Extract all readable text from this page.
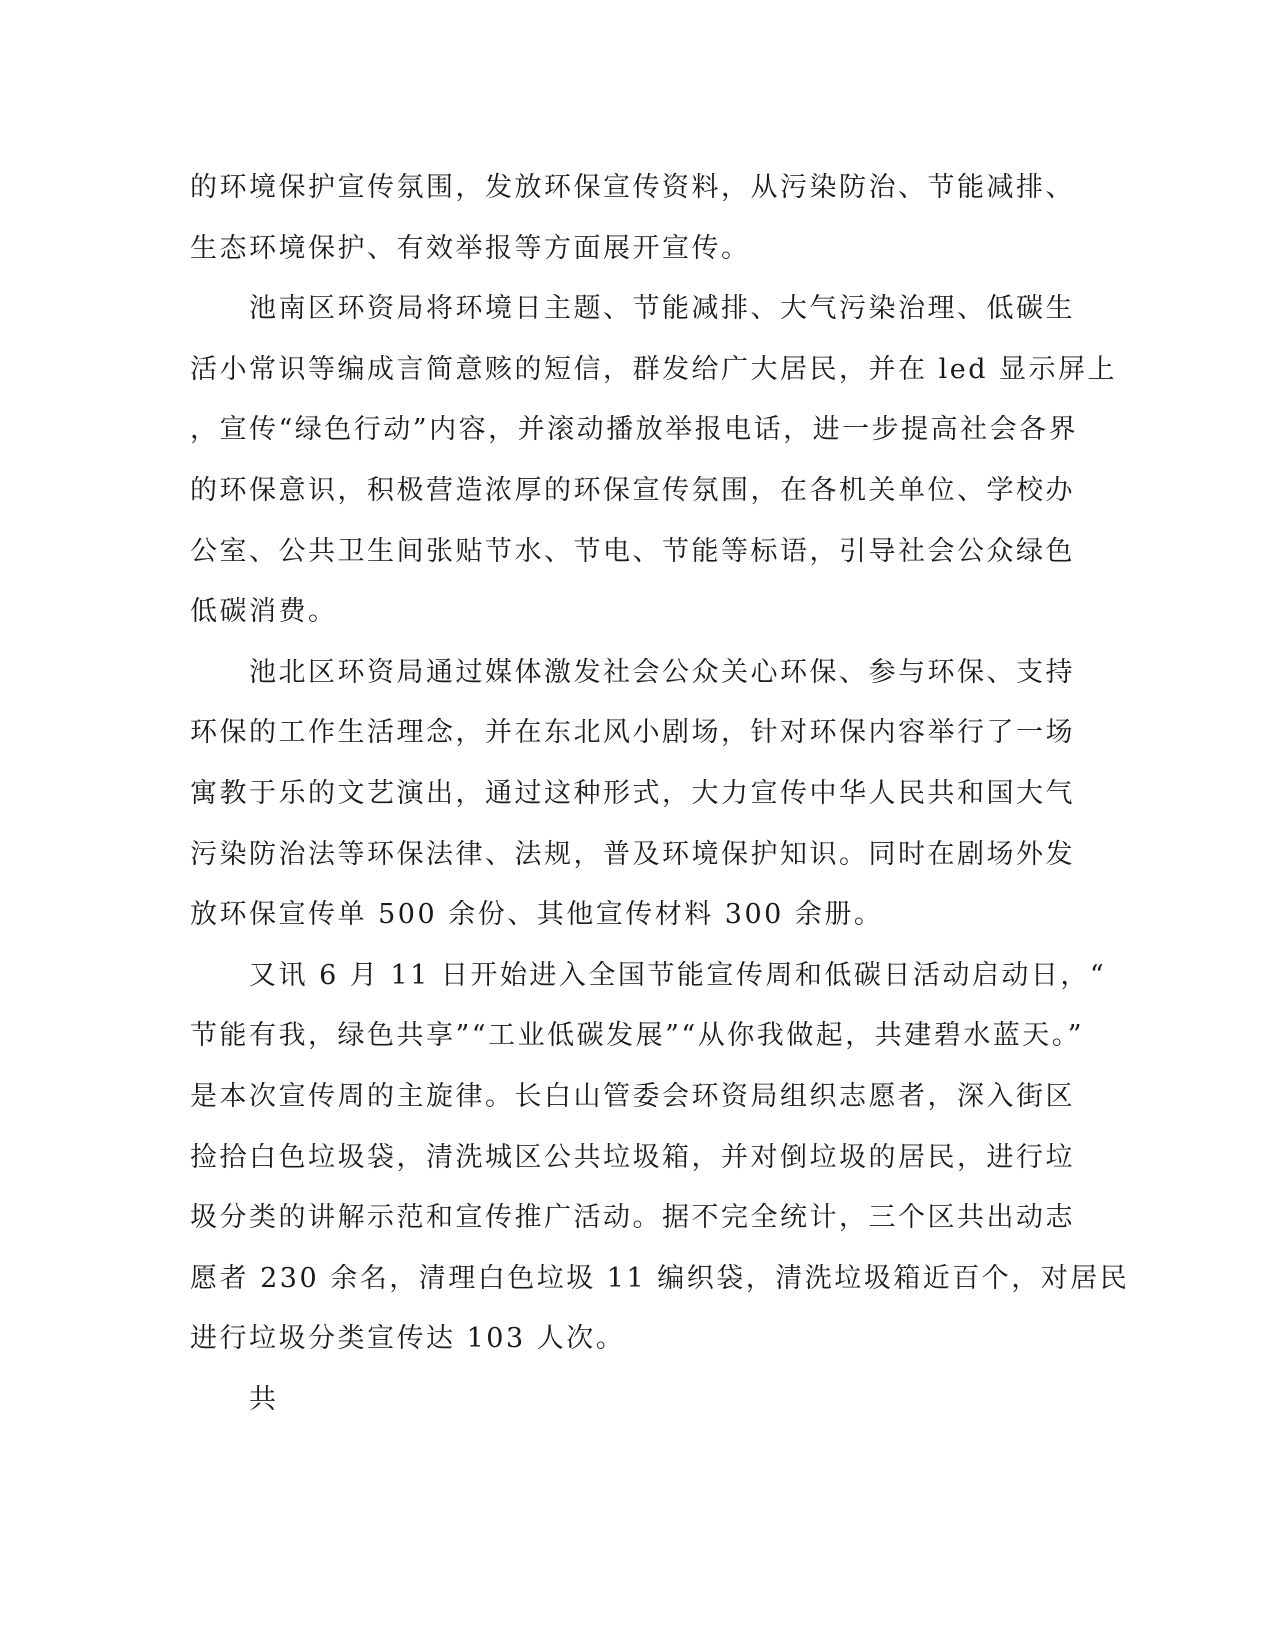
的环境保护宣传氛围，发放环保宣传资料，从污染防治、节能减排、
生态环境保护、有效举报等方面展开宣传。
　　池南区环资局将环境日主题、节能减排、大气污染治理、低碳生
活小常识等编成言简意赅的短信，群发给广大居民，并在 led 显示屏上
，宣传“绿色行动”内容，并滚动播放举报电话，进一步提高社会各界
的环保意识，积极营造浓厚的环保宣传氛围，在各机关单位、学校办
公室、公共卫生间张贴节水、节电、节能等标语，引导社会公众绿色
低碳消费。
　　池北区环资局通过媒体激发社会公众关心环保、参与环保、支持
环保的工作生活理念，并在东北风小剧场，针对环保内容举行了一场
寓教于乐的文艺演出，通过这种形式，大力宣传中华人民共和国大气
污染防治法等环保法律、法规，普及环境保护知识。同时在剧场外发
放环保宣传单 500 余份、其他宣传材料 300 余册。
　　又讯 6 月 11 日开始进入全国节能宣传周和低碳日活动启动日，“
节能有我，绿色共享”“工业低碳发展”“从你我做起，共建碧水蓝天。”
是本次宣传周的主旋律。长白山管委会环资局组织志愿者，深入街区
捡拾白色垃圾袋，清洗城区公共垃圾箱，并对倒垃圾的居民，进行垃
圾分类的讲解示范和宣传推广活动。据不完全统计，三个区共出动志
愿者 230 余名，清理白色垃圾 11 编织袋，清洗垃圾箱近百个，对居民
进行垃圾分类宣传达 103 人次。
　　共
